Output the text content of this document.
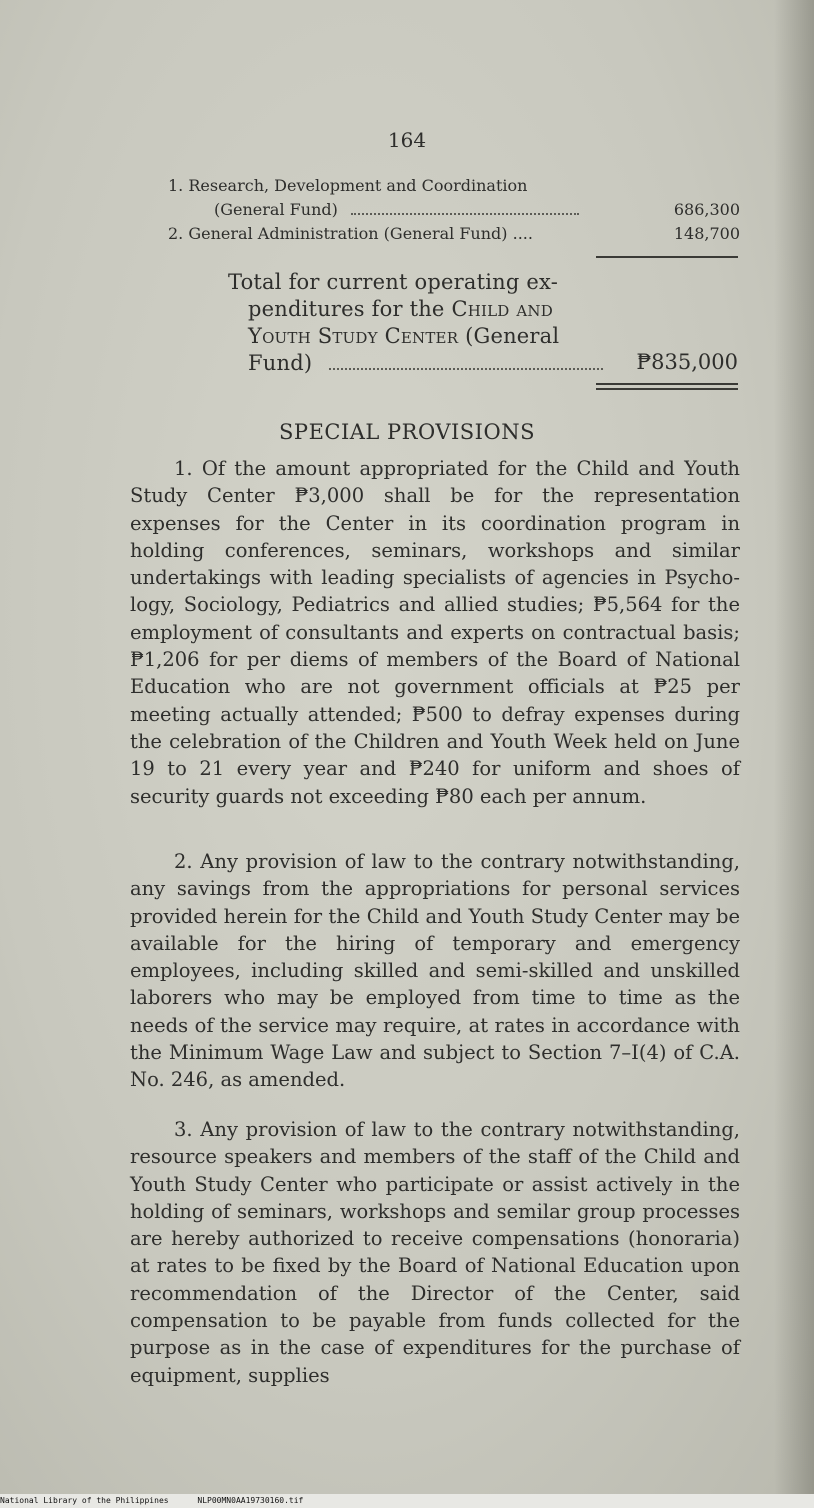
164
1. Research, Development and Coordination
(General Fund)	686,300
2. General Administration (General Fund) ....	148,700
Total for current operating ex-
penditures for the Child and
Youth Study Center (General
Fund)	₱835,000
SPECIAL PROVISIONS
1. Of the amount appropriated for the Child and Youth Study Center ₱3,000 shall be for the representation expenses for the Center in its coordination program in holding conferences, seminars, workshops and similar undertakings with leading specialists of agencies in Psychology, Sociology, Pediatrics and allied studies; ₱5,564 for the employment of consultants and experts on contractual basis; ₱1,206 for per diems of members of the Board of National Education who are not government officials at ₱25 per meeting actually attended; ₱500 to defray expenses during the celebration of the Children and Youth Week held on June 19 to 21 every year and ₱240 for uniform and shoes of security guards not exceeding ₱80 each per annum.
2. Any provision of law to the contrary notwithstanding, any savings from the appropriations for personal services provided herein for the Child and Youth Study Center may be available for the hiring of temporary and emergency employees, including skilled and semi-skilled and unskilled laborers who may be employed from time to time as the needs of the service may require, at rates in accordance with the Minimum Wage Law and subject to Section 7–I(4) of C.A. No. 246, as amended.
3. Any provision of law to the contrary notwithstanding, resource speakers and members of the staff of the Child and Youth Study Center who participate or assist actively in the holding of seminars, workshops and semilar group processes are hereby authorized to receive compensations (honoraria) at rates to be fixed by the Board of National Education upon recommendation of the Director of the Center, said compensation to be payable from funds collected for the purpose as in the case of expenditures for the purchase of equipment, supplies
National Library of the Philippines	NLP00MN0AA19730160.tif
